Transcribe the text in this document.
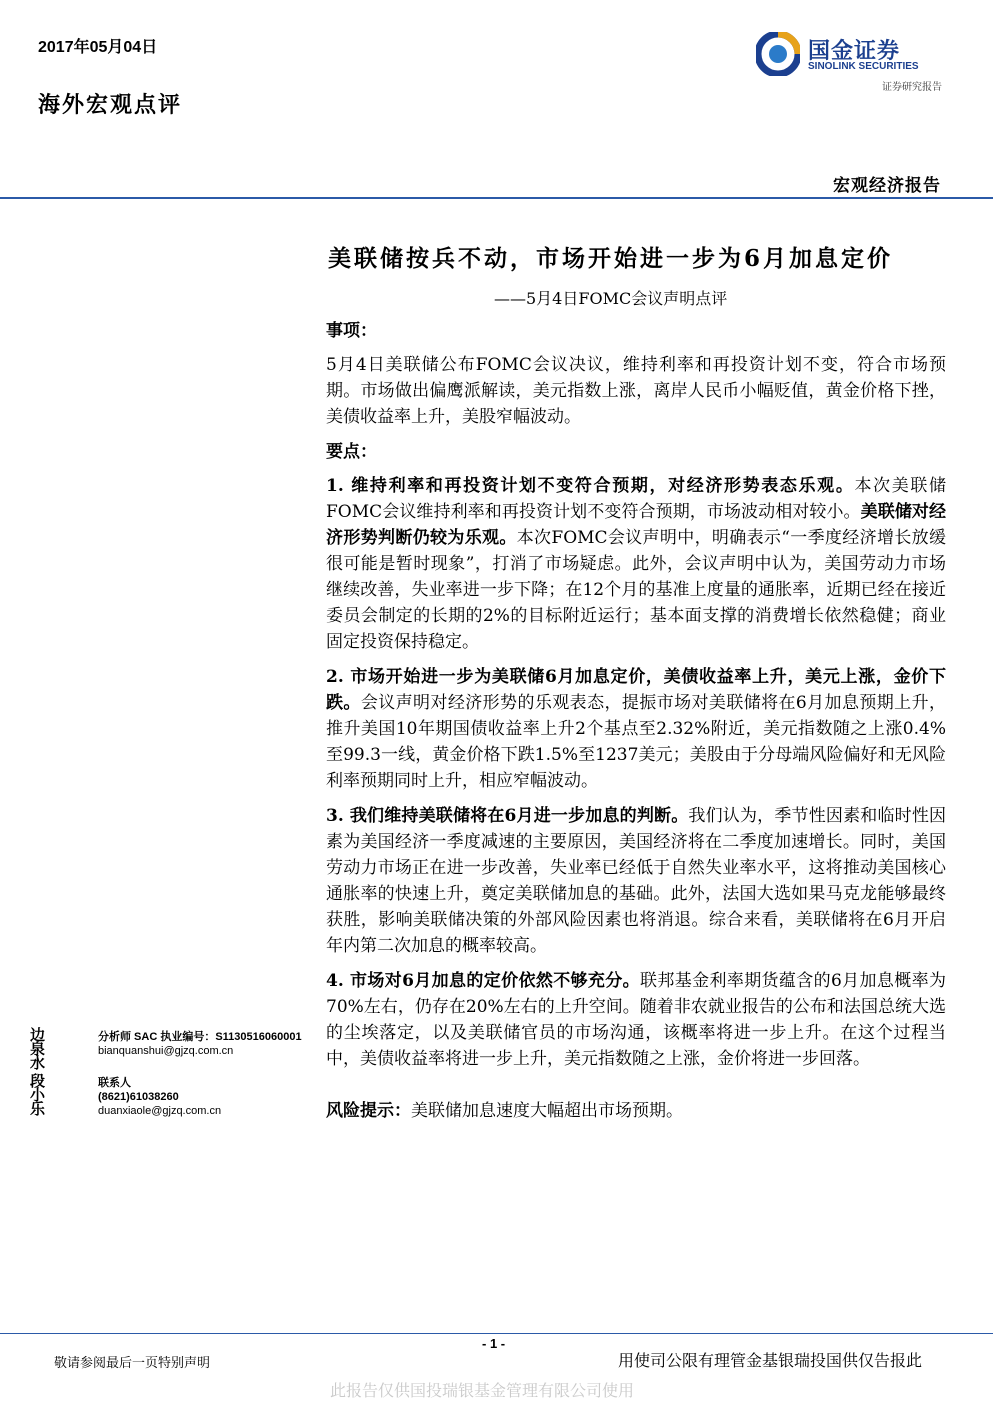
2017年05月04日
海外宏观点评
国金证券
SINOLINK SECURITIES
证券研究报告
宏观经济报告
美联储按兵不动，市场开始进一步为6月加息定价
——5月4日FOMC会议声明点评
事项：

5月4日美联储公布FOMC会议决议，维持利率和再投资计划不变，符合市场预期。市场做出偏鹰派解读，美元指数上涨，离岸人民币小幅贬值，黄金价格下挫，美债收益率上升，美股窄幅波动。

要点：

1. 维持利率和再投资计划不变符合预期，对经济形势表态乐观。本次美联储FOMC会议维持利率和再投资计划不变符合预期，市场波动相对较小。美联储对经济形势判断仍较为乐观。本次FOMC会议声明中，明确表示“一季度经济增长放缓很可能是暂时现象”，打消了市场疑虑。此外，会议声明中认为，美国劳动力市场继续改善，失业率进一步下降；在12个月的基准上度量的通胀率，近期已经在接近委员会制定的长期的2%的目标附近运行；基本面支撑的消费增长依然稳健；商业固定投资保持稳定。

2. 市场开始进一步为美联储6月加息定价，美债收益率上升，美元上涨，金价下跌。会议声明对经济形势的乐观表态，提振市场对美联储将在6月加息预期上升，推升美国10年期国债收益率上升2个基点至2.32%附近，美元指数随之上涨0.4%至99.3一线，黄金价格下跌1.5%至1237美元；美股由于分母端风险偏好和无风险利率预期同时上升，相应窄幅波动。

3. 我们维持美联储将在6月进一步加息的判断。我们认为，季节性因素和临时性因素为美国经济一季度减速的主要原因，美国经济将在二季度加速增长。同时，美国劳动力市场正在进一步改善，失业率已经低于自然失业率水平，这将推动美国核心通胀率的快速上升，奠定美联储加息的基础。此外，法国大选如果马克龙能够最终获胜，影响美联储决策的外部风险因素也将消退。综合来看，美联储将在6月开启年内第二次加息的概率较高。

4. 市场对6月加息的定价依然不够充分。联邦基金利率期货蕴含的6月加息概率为70%左右，仍存在20%左右的上升空间。随着非农就业报告的公布和法国总统大选的尘埃落定，以及美联储官员的市场沟通，该概率将进一步上升。在这个过程当中，美债收益率将进一步上升，美元指数随之上涨，金价将进一步回落。

风险提示：美联储加息速度大幅超出市场预期。

边泉水
分析师 SAC 执业编号：S1130516060001
bianquanshui@gjzq.com.cn
段小乐
联系人
(8621)61038260
duanxiaole@gjzq.com.cn
- 1 -
敬请参阅最后一页特别声明	用使司公限有理管金基银瑞投国供仅告报此
此报告仅供国投瑞银基金管理有限公司使用
